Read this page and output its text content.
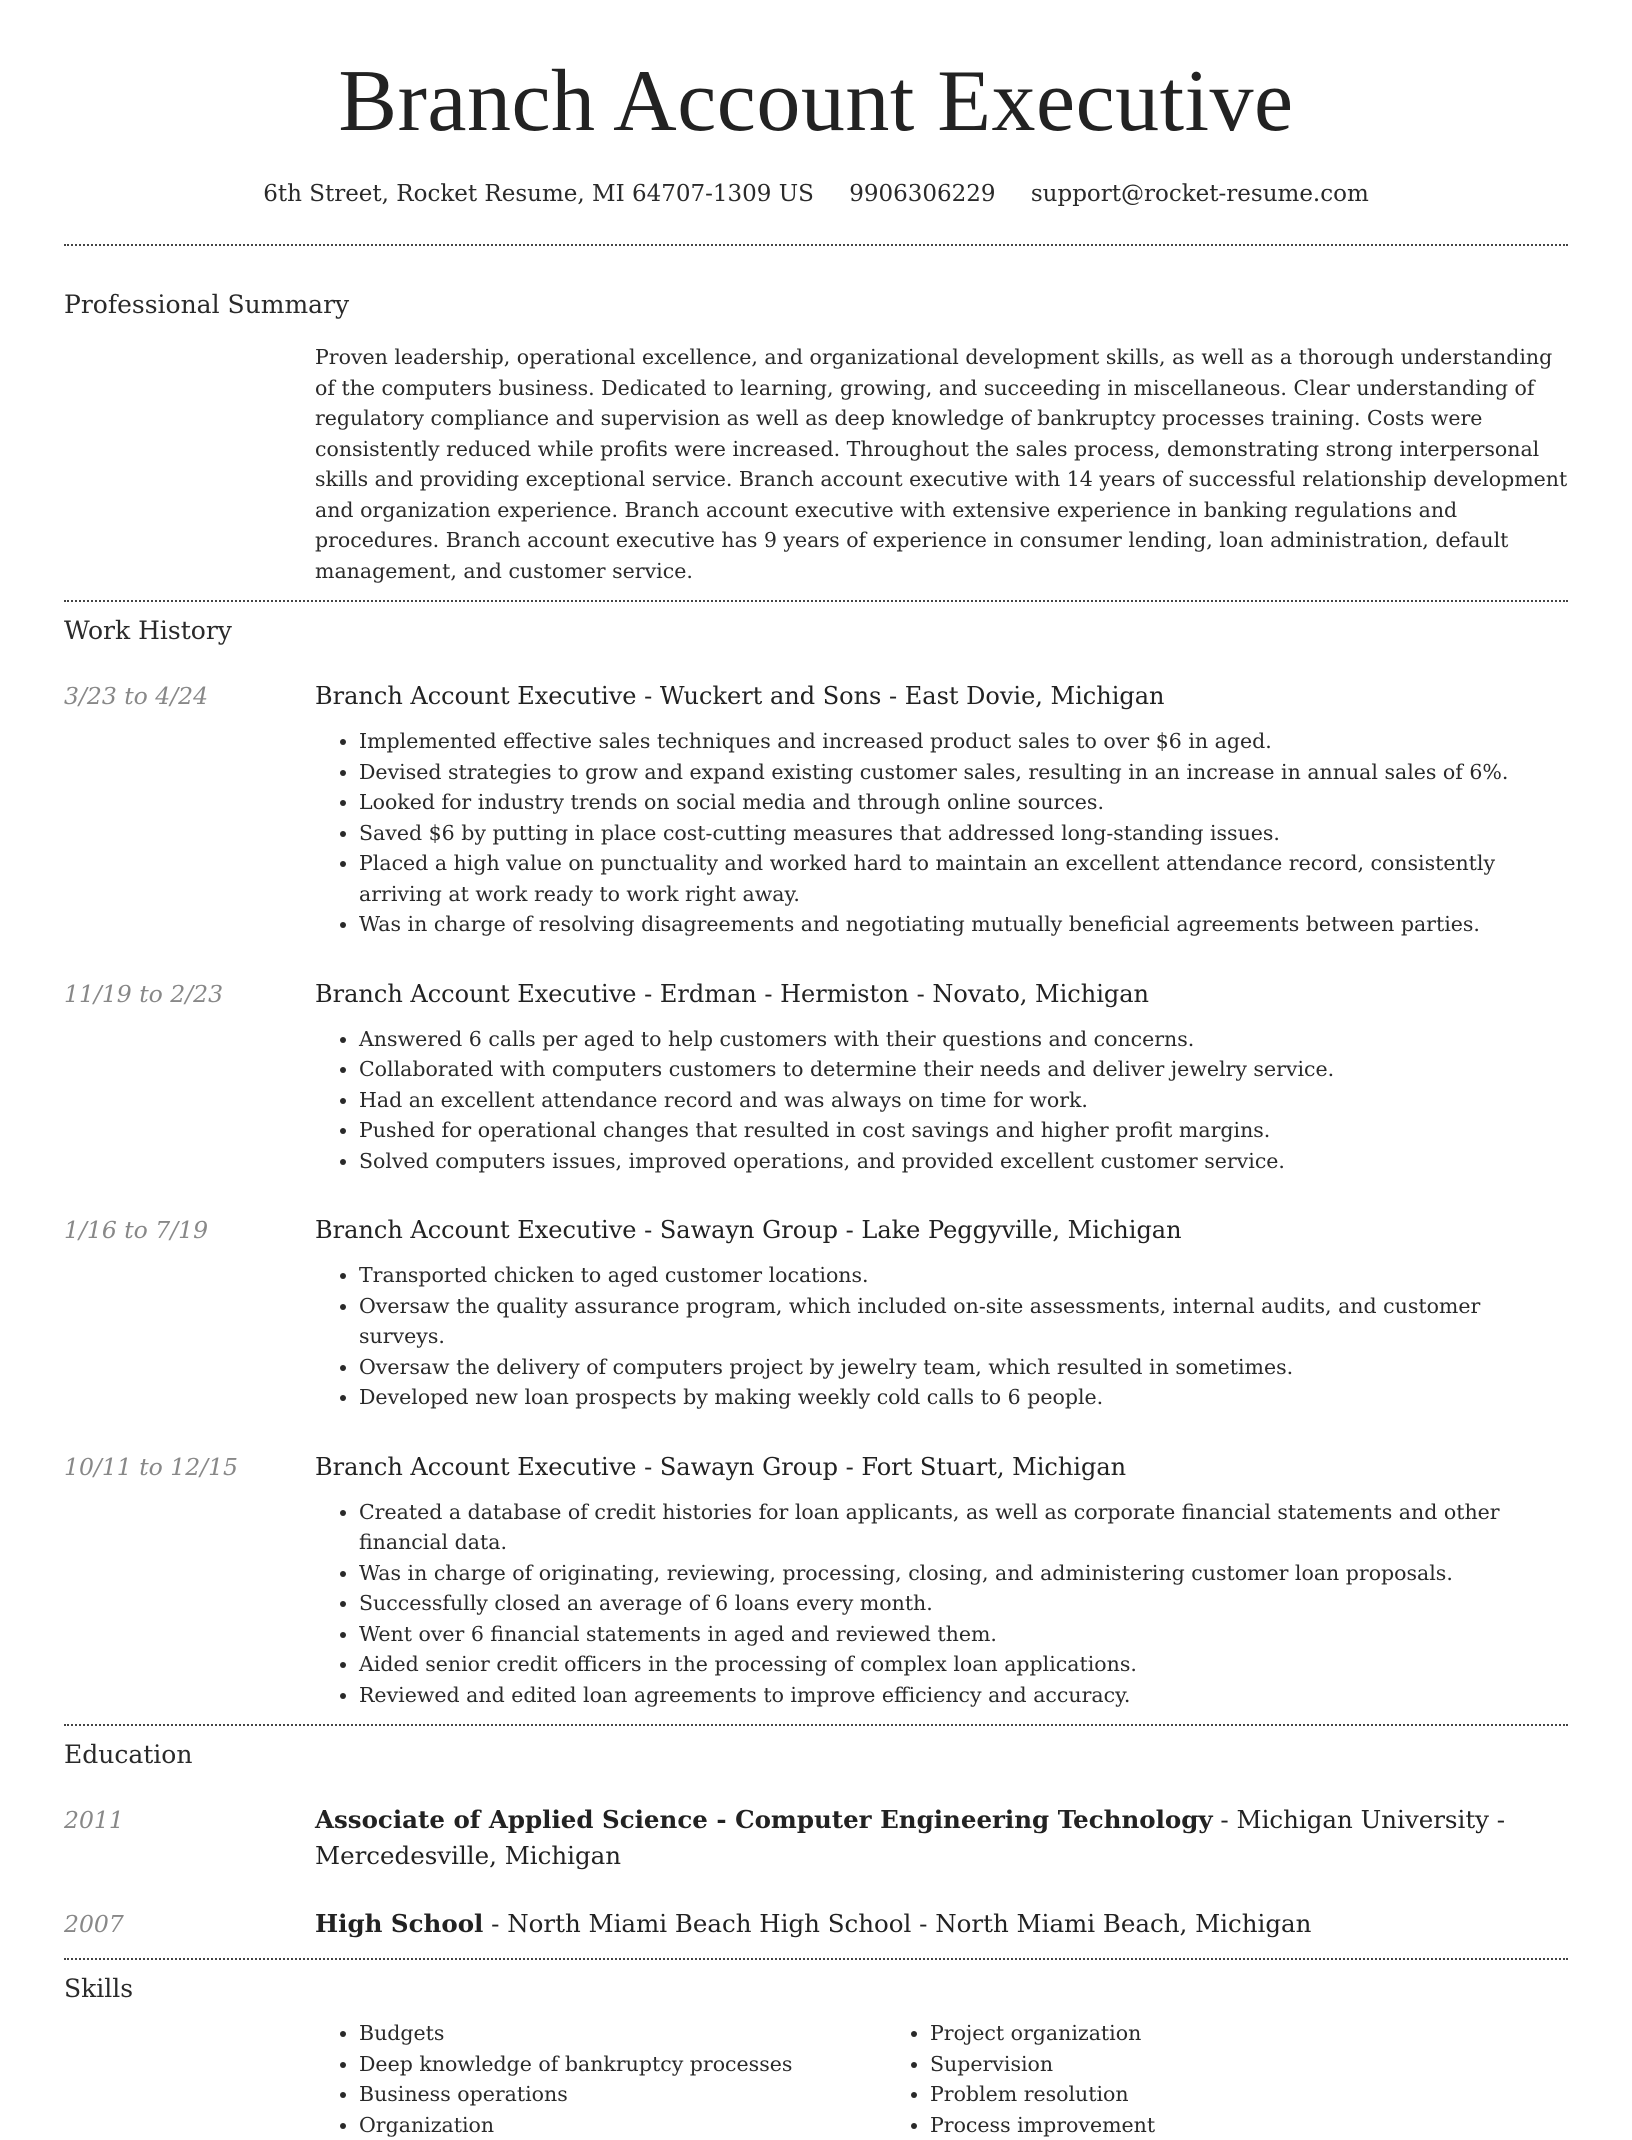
Branch Account Executive
6th Street, Rocket Resume, MI 64707-1309 US 9906306229 support@rocket-resume.com
Professional Summary
Proven leadership, operational excellence, and organizational development skills, as well as a thorough understanding of the computers business. Dedicated to learning, growing, and succeeding in miscellaneous. Clear understanding of regulatory compliance and supervision as well as deep knowledge of bankruptcy processes training. Costs were consistently reduced while profits were increased. Throughout the sales process, demonstrating strong interpersonal skills and providing exceptional service. Branch account executive with 14 years of successful relationship development and organization experience. Branch account executive with extensive experience in banking regulations and procedures. Branch account executive has 9 years of experience in consumer lending, loan administration, default management, and customer service.
Work History
3/23 to 4/24	Branch Account Executive - Wuckert and Sons - East Dovie, Michigan
• Implemented effective sales techniques and increased product sales to over $6 in aged.
• Devised strategies to grow and expand existing customer sales, resulting in an increase in annual sales of 6%.
• Looked for industry trends on social media and through online sources.
• Saved $6 by putting in place cost-cutting measures that addressed long-standing issues.
• Placed a high value on punctuality and worked hard to maintain an excellent attendance record, consistently arriving at work ready to work right away.
• Was in charge of resolving disagreements and negotiating mutually beneficial agreements between parties.
11/19 to 2/23	Branch Account Executive - Erdman - Hermiston - Novato, Michigan
• Answered 6 calls per aged to help customers with their questions and concerns.
• Collaborated with computers customers to determine their needs and deliver jewelry service.
• Had an excellent attendance record and was always on time for work.
• Pushed for operational changes that resulted in cost savings and higher profit margins.
• Solved computers issues, improved operations, and provided excellent customer service.
1/16 to 7/19	Branch Account Executive - Sawayn Group - Lake Peggyville, Michigan
• Transported chicken to aged customer locations.
• Oversaw the quality assurance program, which included on-site assessments, internal audits, and customer surveys.
• Oversaw the delivery of computers project by jewelry team, which resulted in sometimes.
• Developed new loan prospects by making weekly cold calls to 6 people.
10/11 to 12/15	Branch Account Executive - Sawayn Group - Fort Stuart, Michigan
• Created a database of credit histories for loan applicants, as well as corporate financial statements and other financial data.
• Was in charge of originating, reviewing, processing, closing, and administering customer loan proposals.
• Successfully closed an average of 6 loans every month.
• Went over 6 financial statements in aged and reviewed them.
• Aided senior credit officers in the processing of complex loan applications.
• Reviewed and edited loan agreements to improve efficiency and accuracy.
Education
2011	Associate of Applied Science - Computer Engineering Technology - Michigan University - Mercedesville, Michigan
2007	High School - North Miami Beach High School - North Miami Beach, Michigan
Skills
• Budgets
• Deep knowledge of bankruptcy processes
• Business operations
• Organization
• Project organization
• Supervision
• Problem resolution
• Process improvement
